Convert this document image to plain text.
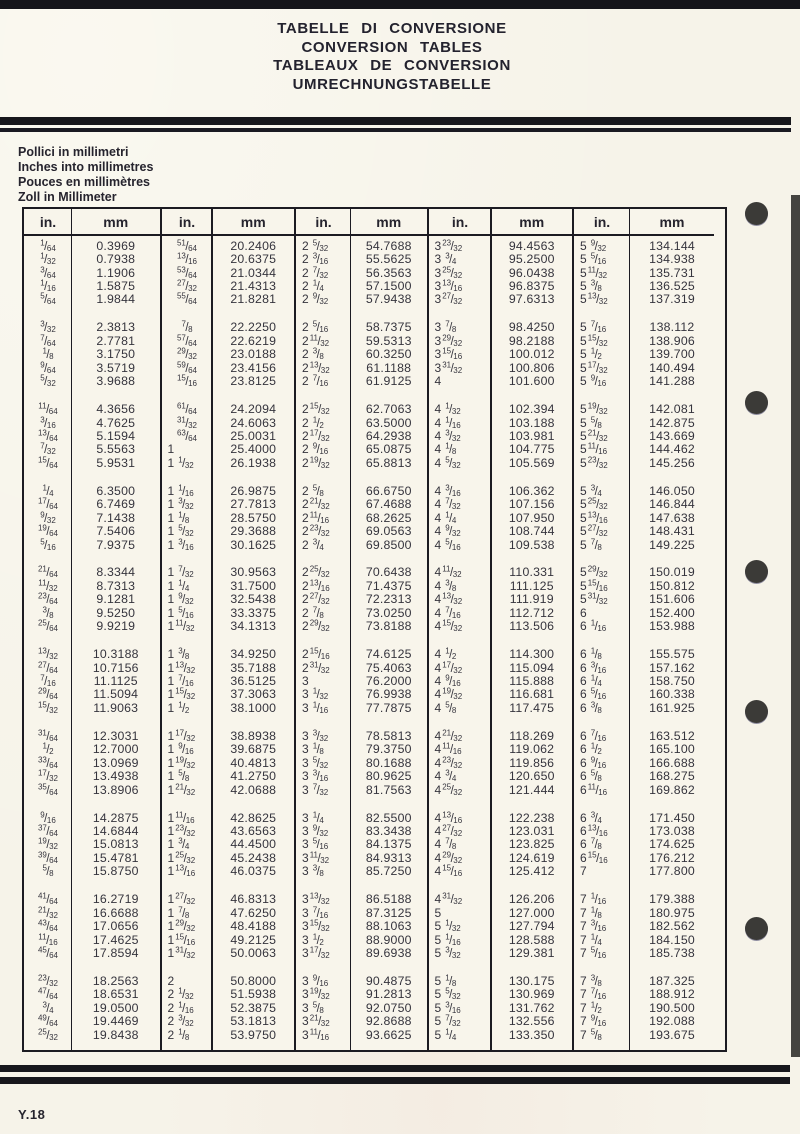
TABELLE DI CONVERSIONE
CONVERSION TABLES
TABLEAUX DE CONVERSION
UMRECHNUNGSTABELLE
Pollici in millimetri
Inches into millimetres
Pouces en millimètres
Zoll in Millimeter
in.	mm
$^1$/64	0.3969
$^1$/32	0.7938
$^3$/64	1.1906
$^1$/16	1.5875
$^5$/64	1.9844
$^3$/32	2.3813
$^7$/64	2.7781
$^1$/8	3.1750
$^9$/64	3.5719
$^5$/32	3.9688
$^{11}$/64	4.3656
$^3$/16	4.7625
$^{13}$/64	5.1594
$^7$/32	5.5563
$^{15}$/64	5.9531
$^1$/4	6.3500
$^{17}$/64	6.7469
$^9$/32	7.1438
$^{19}$/64	7.5406
$^5$/16	7.9375
$^{21}$/64	8.3344
$^{11}$/32	8.7313
$^{23}$/64	9.1281
$^3$/8	9.5250
$^{25}$/64	9.9219
$^{13}$/32	10.3188
$^{27}$/64	10.7156
$^7$/16	11.1125
$^{29}$/64	11.5094
$^{15}$/32	11.9063
$^{31}$/64	12.3031
$^1$/2	12.7000
$^{33}$/64	13.0969
$^{17}$/32	13.4938
$^{35}$/64	13.8906
$^9$/16	14.2875
$^{37}$/64	14.6844
$^{19}$/32	15.0813
$^{39}$/64	15.4781
$^5$/8	15.8750
$^{41}$/64	16.2719
$^{21}$/32	16.6688
$^{43}$/64	17.0656
$^{11}$/16	17.4625
$^{45}$/64	17.8594
$^{23}$/32	18.2563
$^{47}$/64	18.6531
$^3$/4	19.0500
$^{49}$/64	19.4469
$^{25}$/32	19.8438
in.	mm
$^{51}$/64	20.2406
$^{13}$/16	20.6375
$^{53}$/64	21.0344
$^{27}$/32	21.4313
$^{55}$/64	21.8281
$^7$/8	22.2250
$^{57}$/64	22.6219
$^{29}$/32	23.0188
$^{59}$/64	23.4156
$^{15}$/16	23.8125
$^{61}$/64	24.2094
$^{31}$/32	24.6063
$^{63}$/64	25.0031
1	25.4000
1 $^1$/32	26.1938
1 $^1$/16	26.9875
1 $^3$/32	27.7813
1 $^1$/8	28.5750
1 $^5$/32	29.3688
1 $^3$/16	30.1625
1 $^7$/32	30.9563
1 $^1$/4	31.7500
1 $^9$/32	32.5438
1 $^5$/16	33.3375
1 $^{11}$/32	34.1313
1 $^3$/8	34.9250
1 $^{13}$/32	35.7188
1 $^7$/16	36.5125
1 $^{15}$/32	37.3063
1 $^1$/2	38.1000
1 $^{17}$/32	38.8938
1 $^9$/16	39.6875
1 $^{19}$/32	40.4813
1 $^5$/8	41.2750
1 $^{21}$/32	42.0688
1 $^{11}$/16	42.8625
1 $^{23}$/32	43.6563
1 $^3$/4	44.4500
1 $^{25}$/32	45.2438
1 $^{13}$/16	46.0375
1 $^{27}$/32	46.8313
1 $^7$/8	47.6250
1 $^{29}$/32	48.4188
1 $^{15}$/16	49.2125
1 $^{31}$/32	50.0063
2	50.8000
2 $^1$/32	51.5938
2 $^1$/16	52.3875
2 $^3$/32	53.1813
2 $^1$/8	53.9750
in.	mm
2 $^5$/32	54.7688
2 $^3$/16	55.5625
2 $^7$/32	56.3563
2 $^1$/4	57.1500
2 $^9$/32	57.9438
2 $^5$/16	58.7375
2 $^{11}$/32	59.5313
2 $^3$/8	60.3250
2 $^{13}$/32	61.1188
2 $^7$/16	61.9125
2 $^{15}$/32	62.7063
2 $^1$/2	63.5000
2 $^{17}$/32	64.2938
2 $^9$/16	65.0875
2 $^{19}$/32	65.8813
2 $^5$/8	66.6750
2 $^{21}$/32	67.4688
2 $^{11}$/16	68.2625
2 $^{23}$/32	69.0563
2 $^3$/4	69.8500
2 $^{25}$/32	70.6438
2 $^{13}$/16	71.4375
2 $^{27}$/32	72.2313
2 $^7$/8	73.0250
2 $^{29}$/32	73.8188
2 $^{15}$/16	74.6125
2 $^{31}$/32	75.4063
3	76.2000
3 $^1$/32	76.9938
3 $^1$/16	77.7875
3 $^3$/32	78.5813
3 $^1$/8	79.3750
3 $^5$/32	80.1688
3 $^3$/16	80.9625
3 $^7$/32	81.7563
3 $^1$/4	82.5500
3 $^9$/32	83.3438
3 $^5$/16	84.1375
3 $^{11}$/32	84.9313
3 $^3$/8	85.7250
3 $^{13}$/32	86.5188
3 $^7$/16	87.3125
3 $^{15}$/32	88.1063
3 $^1$/2	88.9000
3 $^{17}$/32	89.6938
3 $^9$/16	90.4875
3 $^{19}$/32	91.2813
3 $^5$/8	92.0750
3 $^{21}$/32	92.8688
3 $^{11}$/16	93.6625
in.	mm
3 $^{23}$/32	94.4563
3 $^3$/4	95.2500
3 $^{25}$/32	96.0438
3 $^{13}$/16	96.8375
3 $^{27}$/32	97.6313
3 $^7$/8	98.4250
3 $^{29}$/32	98.2188
3 $^{15}$/16	100.012
3 $^{31}$/32	100.806
4	101.600
4 $^1$/32	102.394
4 $^1$/16	103.188
4 $^3$/32	103.981
4 $^1$/8	104.775
4 $^5$/32	105.569
4 $^3$/16	106.362
4 $^7$/32	107.156
4 $^1$/4	107.950
4 $^9$/32	108.744
4 $^5$/16	109.538
4 $^{11}$/32	110.331
4 $^3$/8	111.125
4 $^{13}$/32	111.919
4 $^7$/16	112.712
4 $^{15}$/32	113.506
4 $^1$/2	114.300
4 $^{17}$/32	115.094
4 $^9$/16	115.888
4 $^{19}$/32	116.681
4 $^5$/8	117.475
4 $^{21}$/32	118.269
4 $^{11}$/16	119.062
4 $^{23}$/32	119.856
4 $^3$/4	120.650
4 $^{25}$/32	121.444
4 $^{13}$/16	122.238
4 $^{27}$/32	123.031
4 $^7$/8	123.825
4 $^{29}$/32	124.619
4 $^{15}$/16	125.412
4 $^{31}$/32	126.206
5	127.000
5 $^1$/32	127.794
5 $^1$/16	128.588
5 $^3$/32	129.381
5 $^1$/8	130.175
5 $^5$/32	130.969
5 $^3$/16	131.762
5 $^7$/32	132.556
5 $^1$/4	133.350
in.	mm
5 $^9$/32	134.144
5 $^5$/16	134.938
5 $^{11}$/32	135.731
5 $^3$/8	136.525
5 $^{13}$/32	137.319
5 $^7$/16	138.112
5 $^{15}$/32	138.906
5 $^1$/2	139.700
5 $^{17}$/32	140.494
5 $^9$/16	141.288
5 $^{19}$/32	142.081
5 $^5$/8	142.875
5 $^{21}$/32	143.669
5 $^{11}$/16	144.462
5 $^{23}$/32	145.256
5 $^3$/4	146.050
5 $^{25}$/32	146.844
5 $^{13}$/16	147.638
5 $^{27}$/32	148.431
5 $^7$/8	149.225
5 $^{29}$/32	150.019
5 $^{15}$/16	150.812
5 $^{31}$/32	151.606
6	152.400
6 $^1$/16	153.988
6 $^1$/8	155.575
6 $^3$/16	157.162
6 $^1$/4	158.750
6 $^5$/16	160.338
6 $^3$/8	161.925
6 $^7$/16	163.512
6 $^1$/2	165.100
6 $^9$/16	166.688
6 $^5$/8	168.275
6 $^{11}$/16	169.862
6 $^3$/4	171.450
6 $^{13}$/16	173.038
6 $^7$/8	174.625
6 $^{15}$/16	176.212
7	177.800
7 $^1$/16	179.388
7 $^1$/8	180.975
7 $^3$/16	182.562
7 $^1$/4	184.150
7 $^5$/16	185.738
7 $^3$/8	187.325
7 $^7$/16	188.912
7 $^1$/2	190.500
7 $^9$/16	192.088
7 $^5$/8	193.675
Y.18
